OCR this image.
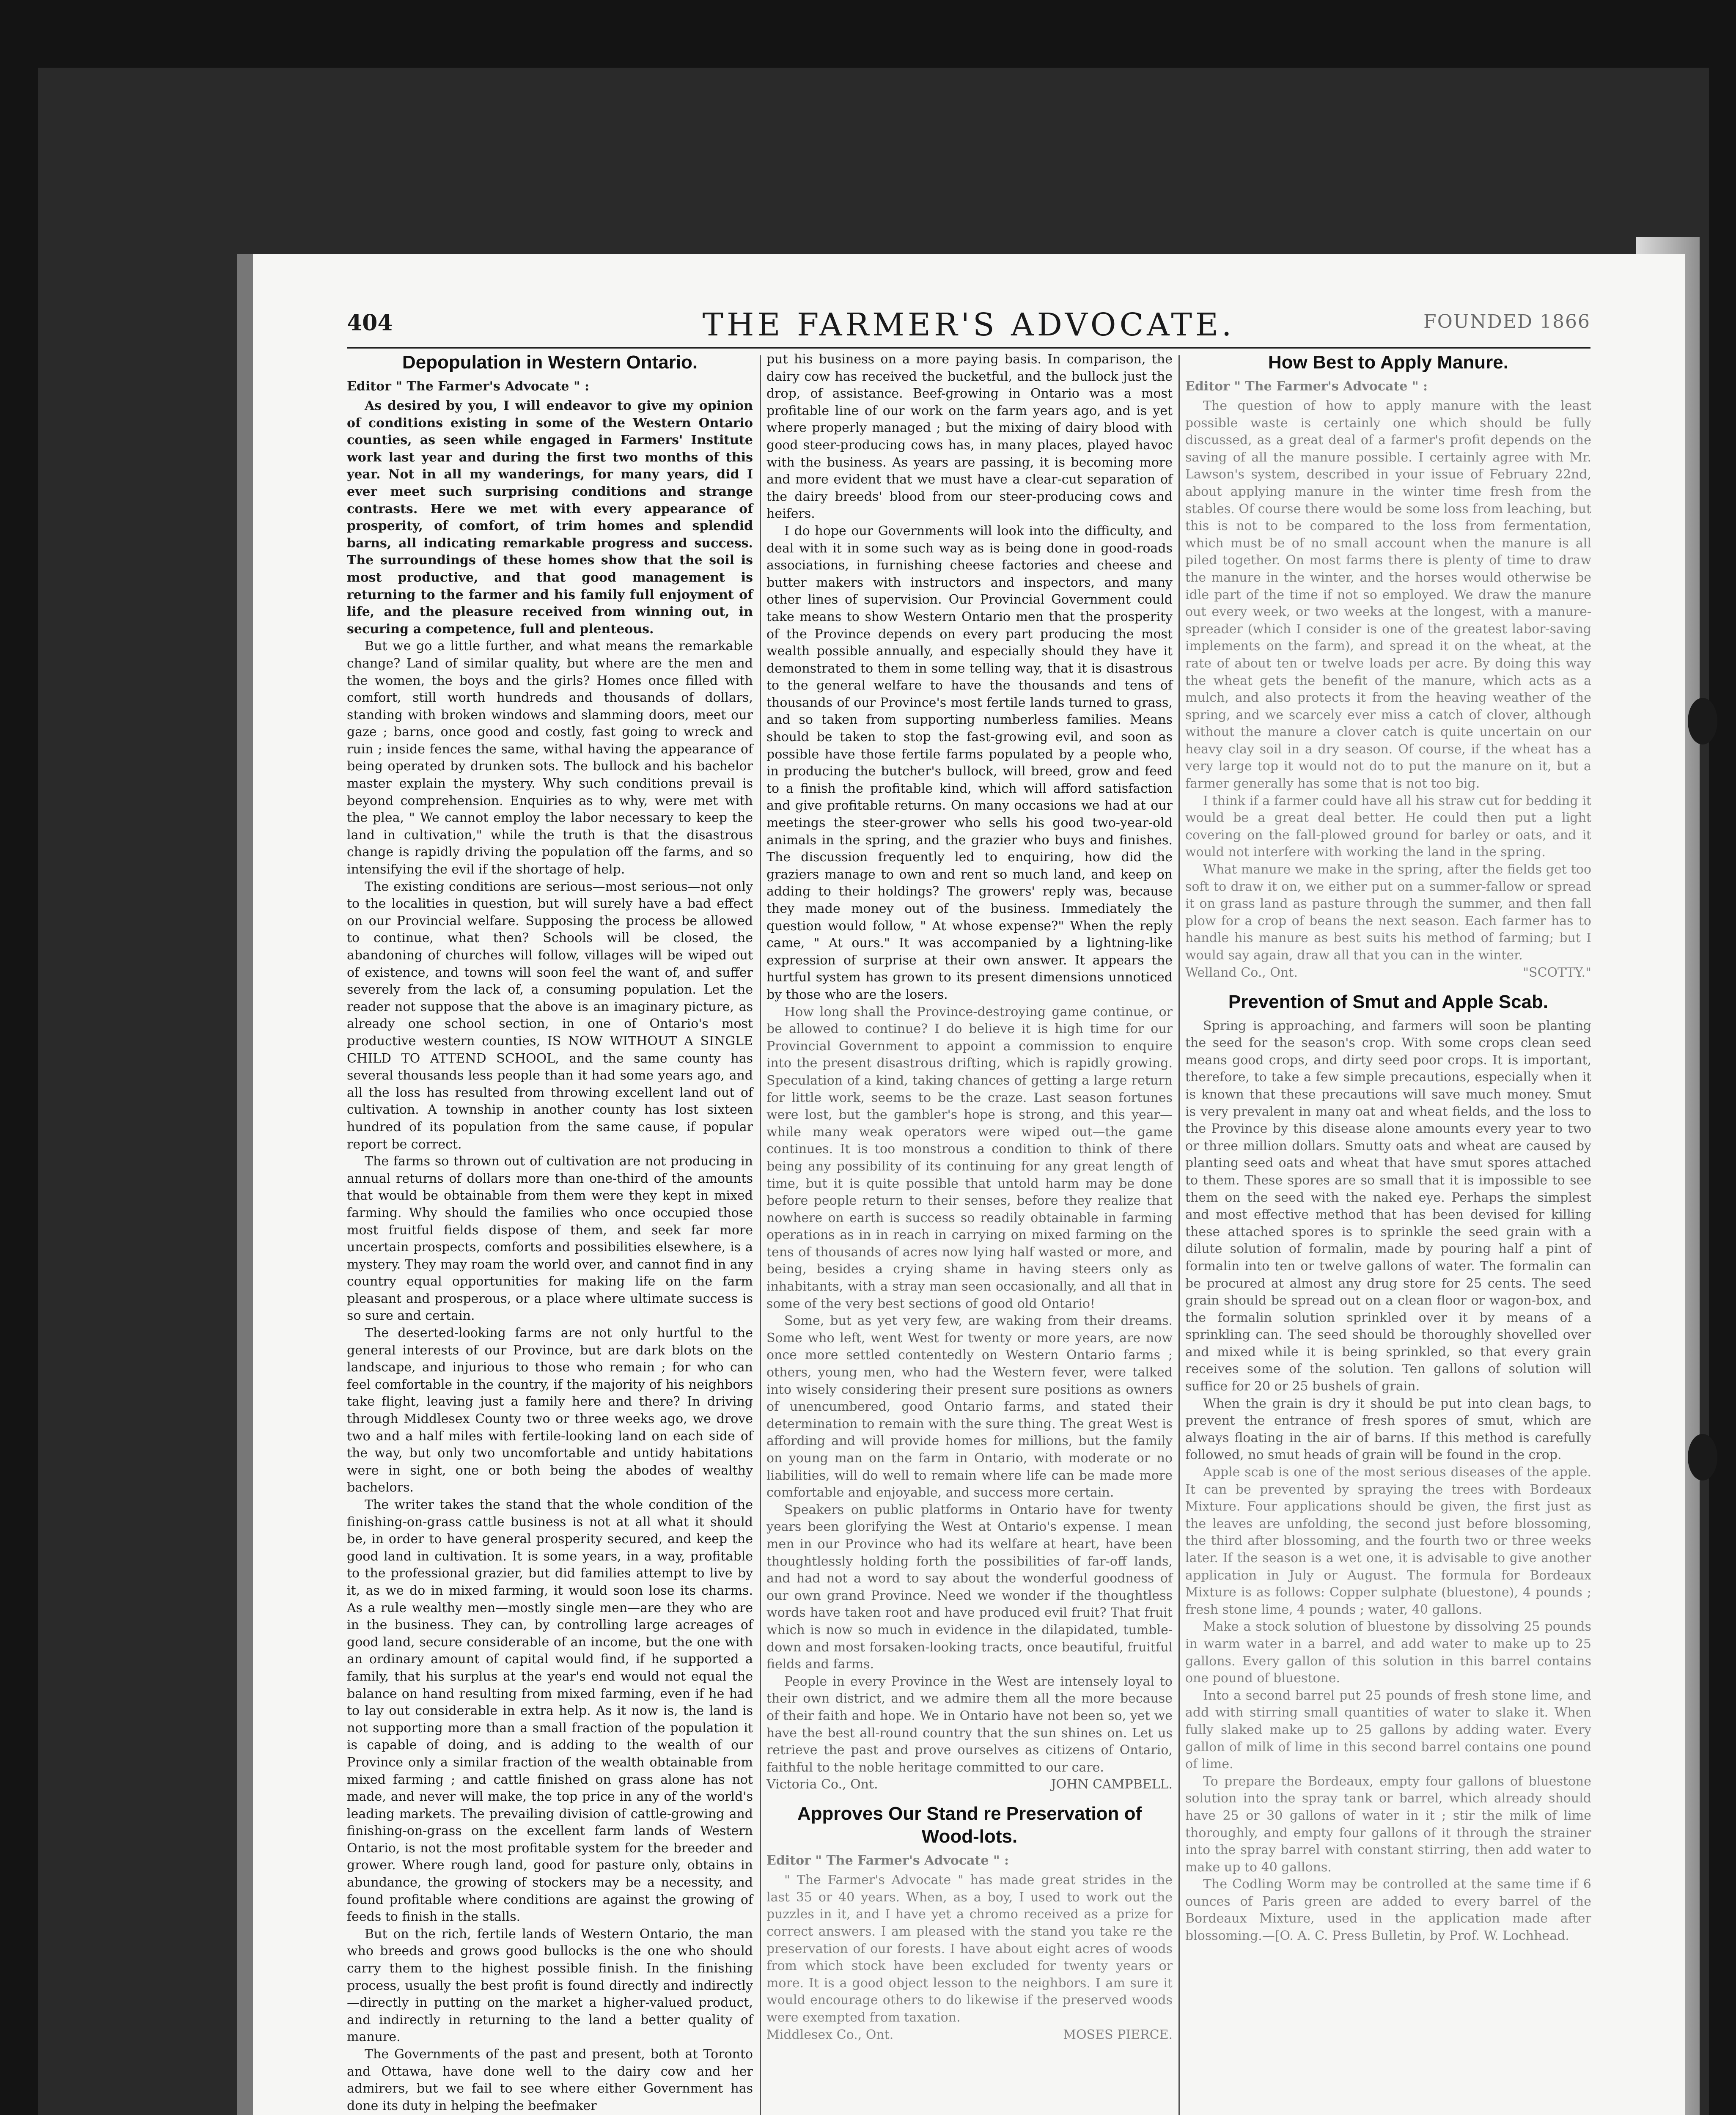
404	THE FARMER'S ADVOCATE.	FOUNDED 1866
Depopulation in Western Ontario.
Editor " The Farmer's Advocate " :

As desired by you, I will endeavor to give my opinion of conditions existing in some of the Western Ontario counties, as seen while engaged in Farmers' Institute work last year and during the first two months of this year. Not in all my wanderings, for many years, did I ever meet such surprising conditions and strange contrasts. Here we met with every appearance of prosperity, of comfort, of trim homes and splendid barns, all indicating remarkable progress and success. The surroundings of these homes show that the soil is most productive, and that good management is returning to the farmer and his family full enjoyment of life, and the pleasure received from winning out, in securing a competence, full and plenteous.

But we go a little further, and what means the remarkable change? Land of similar quality, but where are the men and the women, the boys and the girls? Homes once filled with comfort, still worth hundreds and thousands of dollars, standing with broken windows and slamming doors, meet our gaze ; barns, once good and costly, fast going to wreck and ruin ; inside fences the same, withal having the appearance of being operated by drunken sots. The bullock and his bachelor master explain the mystery. Why such conditions prevail is beyond comprehension. Enquiries as to why, were met with the plea, " We cannot employ the labor necessary to keep the land in cultivation," while the truth is that the disastrous change is rapidly driving the population off the farms, and so intensifying the evil if the shortage of help.

The existing conditions are serious—most serious—not only to the localities in question, but will surely have a bad effect on our Provincial welfare. Supposing the process be allowed to continue, what then? Schools will be closed, the abandoning of churches will follow, villages will be wiped out of existence, and towns will soon feel the want of, and suffer severely from the lack of, a consuming population. Let the reader not suppose that the above is an imaginary picture, as already one school section, in one of Ontario's most productive western counties, IS NOW WITHOUT A SINGLE CHILD TO ATTEND SCHOOL, and the same county has several thousands less people than it had some years ago, and all the loss has resulted from throwing excellent land out of cultivation. A township in another county has lost sixteen hundred of its population from the same cause, if popular report be correct.

The farms so thrown out of cultivation are not producing in annual returns of dollars more than one-third of the amounts that would be obtainable from them were they kept in mixed farming. Why should the families who once occupied those most fruitful fields dispose of them, and seek far more uncertain prospects, comforts and possibilities elsewhere, is a mystery. They may roam the world over, and cannot find in any country equal opportunities for making life on the farm pleasant and prosperous, or a place where ultimate success is so sure and certain.

The deserted-looking farms are not only hurtful to the general interests of our Province, but are dark blots on the landscape, and injurious to those who remain ; for who can feel comfortable in the country, if the majority of his neighbors take flight, leaving just a family here and there? In driving through Middlesex County two or three weeks ago, we drove two and a half miles with fertile-looking land on each side of the way, but only two uncomfortable and untidy habitations were in sight, one or both being the abodes of wealthy bachelors.

The writer takes the stand that the whole condition of the finishing-on-grass cattle business is not at all what it should be, in order to have general prosperity secured, and keep the good land in cultivation. It is some years, in a way, profitable to the professional grazier, but did families attempt to live by it, as we do in mixed farming, it would soon lose its charms. As a rule wealthy men—mostly single men—are they who are in the business. They can, by controlling large acreages of good land, secure considerable of an income, but the one with an ordinary amount of capital would find, if he supported a family, that his surplus at the year's end would not equal the balance on hand resulting from mixed farming, even if he had to lay out considerable in extra help. As it now is, the land is not supporting more than a small fraction of the population it is capable of doing, and is adding to the wealth of our Province only a similar fraction of the wealth obtainable from mixed farming ; and cattle finished on grass alone has not made, and never will make, the top price in any of the world's leading markets. The prevailing division of cattle-growing and finishing-on-grass on the excellent farm lands of Western Ontario, is not the most profitable system for the breeder and grower. Where rough land, good for pasture only, obtains in abundance, the growing of stockers may be a necessity, and found profitable where conditions are against the growing of feeds to finish in the stalls.

But on the rich, fertile lands of Western Ontario, the man who breeds and grows good bullocks is the one who should carry them to the highest possible finish. In the finishing process, usually the best profit is found directly and indirectly—directly in putting on the market a higher-valued product, and indirectly in returning to the land a better quality of manure.

The Governments of the past and present, both at Toronto and Ottawa, have done well to the dairy cow and her admirers, but we fail to see where either Government has done its duty in helping the beefmaker

put his business on a more paying basis. In comparison, the dairy cow has received the bucketful, and the bullock just the drop, of assistance. Beef-growing in Ontario was a most profitable line of our work on the farm years ago, and is yet where properly managed ; but the mixing of dairy blood with good steer-producing cows has, in many places, played havoc with the business. As years are passing, it is becoming more and more evident that we must have a clear-cut separation of the dairy breeds' blood from our steer-producing cows and heifers.

I do hope our Governments will look into the difficulty, and deal with it in some such way as is being done in good-roads associations, in furnishing cheese factories and cheese and butter makers with instructors and inspectors, and many other lines of supervision. Our Provincial Government could take means to show Western Ontario men that the prosperity of the Province depends on every part producing the most wealth possible annually, and especially should they have it demonstrated to them in some telling way, that it is disastrous to the general welfare to have the thousands and tens of thousands of our Province's most fertile lands turned to grass, and so taken from supporting numberless families. Means should be taken to stop the fast-growing evil, and soon as possible have those fertile farms populated by a people who, in producing the butcher's bullock, will breed, grow and feed to a finish the profitable kind, which will afford satisfaction and give profitable returns. On many occasions we had at our meetings the steer-grower who sells his good two-year-old animals in the spring, and the grazier who buys and finishes. The discussion frequently led to enquiring, how did the graziers manage to own and rent so much land, and keep on adding to their holdings? The growers' reply was, because they made money out of the business. Immediately the question would follow, " At whose expense?" When the reply came, " At ours." It was accompanied by a lightning-like expression of surprise at their own answer. It appears the hurtful system has grown to its present dimensions unnoticed by those who are the losers.

How long shall the Province-destroying game continue, or be allowed to continue? I do believe it is high time for our Provincial Government to appoint a commission to enquire into the present disastrous drifting, which is rapidly growing. Speculation of a kind, taking chances of getting a large return for little work, seems to be the craze. Last season fortunes were lost, but the gambler's hope is strong, and this year—while many weak operators were wiped out—the game continues. It is too monstrous a condition to think of there being any possibility of its continuing for any great length of time, but it is quite possible that untold harm may be done before people return to their senses, before they realize that nowhere on earth is success so readily obtainable in farming operations as in in reach in carrying on mixed farming on the tens of thousands of acres now lying half wasted or more, and being, besides a crying shame in having steers only as inhabitants, with a stray man seen occasionally, and all that in some of the very best sections of good old Ontario!

Some, but as yet very few, are waking from their dreams. Some who left, went West for twenty or more years, are now once more settled contentedly on Western Ontario farms ; others, young men, who had the Western fever, were talked into wisely considering their present sure positions as owners of unencumbered, good Ontario farms, and stated their determination to remain with the sure thing. The great West is affording and will provide homes for millions, but the family on young man on the farm in Ontario, with moderate or no liabilities, will do well to remain where life can be made more comfortable and enjoyable, and success more certain.

Speakers on public platforms in Ontario have for twenty years been glorifying the West at Ontario's expense. I mean men in our Province who had its welfare at heart, have been thoughtlessly holding forth the possibilities of far-off lands, and had not a word to say about the wonderful goodness of our own grand Province. Need we wonder if the thoughtless words have taken root and have produced evil fruit? That fruit which is now so much in evidence in the dilapidated, tumble-down and most forsaken-looking tracts, once beautiful, fruitful fields and farms.

People in every Province in the West are intensely loyal to their own district, and we admire them all the more because of their faith and hope. We in Ontario have not been so, yet we have the best all-round country that the sun shines on. Let us retrieve the past and prove ourselves as citizens of Ontario, faithful to the noble heritage committed to our care.

Victoria Co., Ont.	JOHN CAMPBELL.
Approves Our Stand re Preservation of Wood-lots.
Editor " The Farmer's Advocate " :

" The Farmer's Advocate " has made great strides in the last 35 or 40 years. When, as a boy, I used to work out the puzzles in it, and I have yet a chromo received as a prize for correct answers. I am pleased with the stand you take re the preservation of our forests. I have about eight acres of woods from which stock have been excluded for twenty years or more. It is a good object lesson to the neighbors. I am sure it would encourage others to do likewise if the preserved woods were exempted from taxation.

Middlesex Co., Ont.	MOSES PIERCE.
How Best to Apply Manure.
Editor " The Farmer's Advocate " :

The question of how to apply manure with the least possible waste is certainly one which should be fully discussed, as a great deal of a farmer's profit depends on the saving of all the manure possible. I certainly agree with Mr. Lawson's system, described in your issue of February 22nd, about applying manure in the winter time fresh from the stables. Of course there would be some loss from leaching, but this is not to be compared to the loss from fermentation, which must be of no small account when the manure is all piled together. On most farms there is plenty of time to draw the manure in the winter, and the horses would otherwise be idle part of the time if not so employed. We draw the manure out every week, or two weeks at the longest, with a manure-spreader (which I consider is one of the greatest labor-saving implements on the farm), and spread it on the wheat, at the rate of about ten or twelve loads per acre. By doing this way the wheat gets the benefit of the manure, which acts as a mulch, and also protects it from the heaving weather of the spring, and we scarcely ever miss a catch of clover, although without the manure a clover catch is quite uncertain on our heavy clay soil in a dry season. Of course, if the wheat has a very large top it would not do to put the manure on it, but a farmer generally has some that is not too big.

I think if a farmer could have all his straw cut for bedding it would be a great deal better. He could then put a light covering on the fall-plowed ground for barley or oats, and it would not interfere with working the land in the spring.

What manure we make in the spring, after the fields get too soft to draw it on, we either put on a summer-fallow or spread it on grass land as pasture through the summer, and then fall plow for a crop of beans the next season. Each farmer has to handle his manure as best suits his method of farming; but I would say again, draw all that you can in the winter.

Welland Co., Ont.	"SCOTTY."
Prevention of Smut and Apple Scab.

Spring is approaching, and farmers will soon be planting the seed for the season's crop. With some crops clean seed means good crops, and dirty seed poor crops. It is important, therefore, to take a few simple precautions, especially when it is known that these precautions will save much money. Smut is very prevalent in many oat and wheat fields, and the loss to the Province by this disease alone amounts every year to two or three million dollars. Smutty oats and wheat are caused by planting seed oats and wheat that have smut spores attached to them. These spores are so small that it is impossible to see them on the seed with the naked eye. Perhaps the simplest and most effective method that has been devised for killing these attached spores is to sprinkle the seed grain with a dilute solution of formalin, made by pouring half a pint of formalin into ten or twelve gallons of water. The formalin can be procured at almost any drug store for 25 cents. The seed grain should be spread out on a clean floor or wagon-box, and the formalin solution sprinkled over it by means of a sprinkling can. The seed should be thoroughly shovelled over and mixed while it is being sprinkled, so that every grain receives some of the solution. Ten gallons of solution will suffice for 20 or 25 bushels of grain.

When the grain is dry it should be put into clean bags, to prevent the entrance of fresh spores of smut, which are always floating in the air of barns. If this method is carefully followed, no smut heads of grain will be found in the crop.

Apple scab is one of the most serious diseases of the apple. It can be prevented by spraying the trees with Bordeaux Mixture. Four applications should be given, the first just as the leaves are unfolding, the second just before blossoming, the third after blossoming, and the fourth two or three weeks later. If the season is a wet one, it is advisable to give another application in July or August. The formula for Bordeaux Mixture is as follows: Copper sulphate (bluestone), 4 pounds ; fresh stone lime, 4 pounds ; water, 40 gallons.

Make a stock solution of bluestone by dissolving 25 pounds in warm water in a barrel, and add water to make up to 25 gallons. Every gallon of this solution in this barrel contains one pound of bluestone.

Into a second barrel put 25 pounds of fresh stone lime, and add with stirring small quantities of water to slake it. When fully slaked make up to 25 gallons by adding water. Every gallon of milk of lime in this second barrel contains one pound of lime.

To prepare the Bordeaux, empty four gallons of bluestone solution into the spray tank or barrel, which already should have 25 or 30 gallons of water in it ; stir the milk of lime thoroughly, and empty four gallons of it through the strainer into the spray barrel with constant stirring, then add water to make up to 40 gallons.

The Codling Worm may be controlled at the same time if 6 ounces of Paris green are added to every barrel of the Bordeaux Mixture, used in the application made after blossoming.—[O. A. C. Press Bulletin, by Prof. W. Lochhead.
